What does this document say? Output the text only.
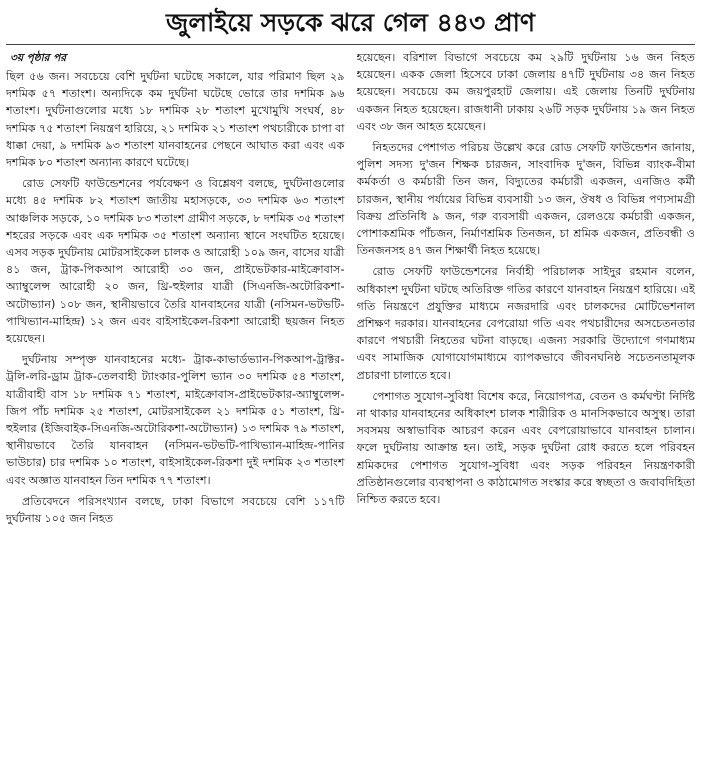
জুলাইয়ে সড়কে ঝরে গেল ৪৪৩ প্রাণ
৩য় পৃষ্ঠার পর

ছিল ৫৬ জন। সবচেয়ে বেশি দুর্ঘটনা ঘটেছে সকালে, যার পরিমাণ ছিল ২৯ দশমিক ৫৭ শতাংশ। অন্যদিকে কম দুর্ঘটনা ঘটেছে ভোরে তার দশমিক ৯৬ শতাংশ। দুর্ঘটনাগুলোর মধ্যে ১৮ দশমিক ২৮ শতাংশ মুখোমুখি সংঘর্ষ, ৪৮ দশমিক ৭৫ শতাংশ নিয়ন্ত্রণ হারিয়ে, ২১ দশমিক ২১ শতাংশ পথচারীকে চাপা বা ধাক্কা দেয়া, ৯ দশমিক ৯৩ শতাংশ যানবাহনের পেছনে আঘাত করা এবং এক দশমিক ৮০ শতাংশ অন্যান্য কারণে ঘটেছে।

রোড সেফটি ফাউন্ডেশনের পর্যবেক্ষণ ও বিশ্লেষণ বলছে, দুর্ঘটনাগুলোর মধ্যে ৪৫ দশমিক ৮২ শতাংশ জাতীয় মহাসড়কে, ৩৩ দশমিক ৬৩ শতাংশ আঞ্চলিক সড়কে, ১০ দশমিক ৮৩ শতাংশ গ্রামীণ সড়কে, ৮ দশমিক ৩৫ শতাংশ শহরের সড়কে এবং এক দশমিক ৩৫ শতাংশ অন্যান্য স্থানে সংঘটিত হয়েছে। এসব সড়ক দুর্ঘটনায় মোটরসাইকেল চালক ও আরোহী ১০৯ জন, বাসের যাত্রী ৪১ জন, ট্রাক-পিকআপ আরোহী ৩০ জন, প্রাইভেটকার-মাইক্রোবাস-অ্যাম্বুলেন্স আরোহী ২০ জন, থ্রি-হুইলার যাত্রী (সিএনজি-অটোরিকশা-অটোভ্যান) ১০৮ জন, স্থানীয়ভাবে তৈরি যানবাহনের যাত্রী (নসিমন-ভটভটি-পাখিভ্যান-মাহিন্দ্র) ১২ জন এবং বাইসাইকেল-রিকশা আরোহী ছয়জন নিহত হয়েছেন।

দুর্ঘটনায় সম্পৃক্ত যানবাহনের মধ্যে- ট্রাক-কাভার্ডভ্যান-পিকআপ-ট্রাক্টর-ট্রলি-লরি-ড্রাম ট্রাক-তেলবাহী ট্যাংকার-পুলিশ ভ্যান ৩০ দশমিক ৫৪ শতাংশ, যাত্রীবাহী বাস ১৮ দশমিক ৭১ শতাংশ, মাইক্রোবাস-প্রাইভেটকার-অ্যাম্বুলেন্স-জিপ পাঁচ দশমিক ২৫ শতাংশ, মোটরসাইকেল ২১ দশমিক ৫১ শতাংশ, থ্রি-হুইলার (ইজিবাইক-সিএনজি-অটোরিকশা-অটোভ্যান) ১৩ দশমিক ৭৯ শতাংশ, স্থানীয়ভাবে তৈরি যানবাহন (নসিমন-ভটভটি-পাখিভ্যান-মাহিন্দ্র-পানির ভাউচার) চার দশমিক ১০ শতাংশ, বাইসাইকেল-রিকশা দুই দশমিক ২৩ শতাংশ এবং অজ্ঞাত যানবাহন তিন দশমিক ৭৭ শতাংশ।

প্রতিবেদনে পরিসংখ্যান বলছে, ঢাকা বিভাগে সবচেয়ে বেশি ১১৭টি দুর্ঘটনায় ১০৫ জন নিহত

হয়েছেন। বরিশাল বিভাগে সবচেয়ে কম ২৯টি দুর্ঘটনায় ১৬ জন নিহত হয়েছেন। একক জেলা হিসেবে ঢাকা জেলায় ৪৭টি দুর্ঘটনায় ৩৪ জন নিহত হয়েছেন। সবচেয়ে কম জয়পুরহাট জেলায়। এই জেলায় তিনটি দুর্ঘটনায় একজন নিহত হয়েছেন। রাজধানী ঢাকায় ২৬টি সড়ক দুর্ঘটনায় ১৯ জন নিহত এবং ৩৮ জন আহত হয়েছেন।

নিহতদের পেশাগত পরিচয় উল্লেখ করে রোড সেফটি ফাউন্ডেশন জানায়, পুলিশ সদস্য দু'জন শিক্ষক চারজন, সাংবাদিক দু'জন, বিভিন্ন ব্যাংক-বীমা কর্মকর্তা ও কর্মচারী তিন জন, বিদ্যুতের কর্মচারী একজন, এনজিও কর্মী চারজন, স্থানীয় পর্যায়ের বিভিন্ন ব্যবসায়ী ১৩ জন, ঔষধ ও বিভিন্ন পণ্যসামগ্রী বিক্রয় প্রতিনিধি ৯ জন, গরু ব্যবসায়ী একজন, রেলওয়ে কর্মচারী একজন, পোশাকশ্রমিক পাঁচজন, নির্মাণশ্রমিক তিনজন, চা শ্রমিক একজন, প্রতিবন্ধী ও তিনজনসহ ৪৭ জন শিক্ষার্থী নিহত হয়েছে।

রোড সেফটি ফাউন্ডেশনের নির্বাহী পরিচালক সাইদুর রহমান বলেন, অধিকাংশ দুর্ঘটনা ঘটছে অতিরিক্ত গতির কারণে যানবাহন নিয়ন্ত্রণ হারিয়ে। এই গতি নিয়ন্ত্রণে প্রযুক্তির মাধ্যমে নজরদারি এবং চালকদের মোটিভেশনাল প্রশিক্ষণ দরকার। যানবাহনের বেপরোয়া গতি এবং পথচারীদের অসচেতনতার কারণে পথচারী নিহতের ঘটনা বাড়ছে। এজন্য সরকারি উদ্যোগে গণমাধ্যম এবং সামাজিক যোগাযোগমাধ্যমে ব্যাপকভাবে জীবনঘনিষ্ঠ সচেতনতামূলক প্রচারণা চালাতে হবে।

পেশাগত সুযোগ-সুবিধা বিশেষ করে, নিয়োগপত্র, বেতন ও কর্মঘণ্টা নির্দিষ্ট না থাকার যানবাহনের অধিকাংশ চালক শারীরিক ও মানসিকভাবে অসুস্থ। তারা সবসময় অস্বাভাবিক আচরণ করেন এবং বেপরোয়াভাবে যানবাহন চালান। ফলে দুর্ঘটনায় আক্রান্ত হন। তাই, সড়ক দুর্ঘটনা রোধ করতে হলে পরিবহন শ্রমিকদের পেশাগত সুযোগ-সুবিধা এবং সড়ক পরিবহন নিয়ন্ত্রণকারী প্রতিষ্ঠানগুলোর ব্যবস্থাপনা ও কাঠামোগত সংস্কার করে স্বচ্ছতা ও জবাবদিহিতা নিশ্চিত করতে হবে।
